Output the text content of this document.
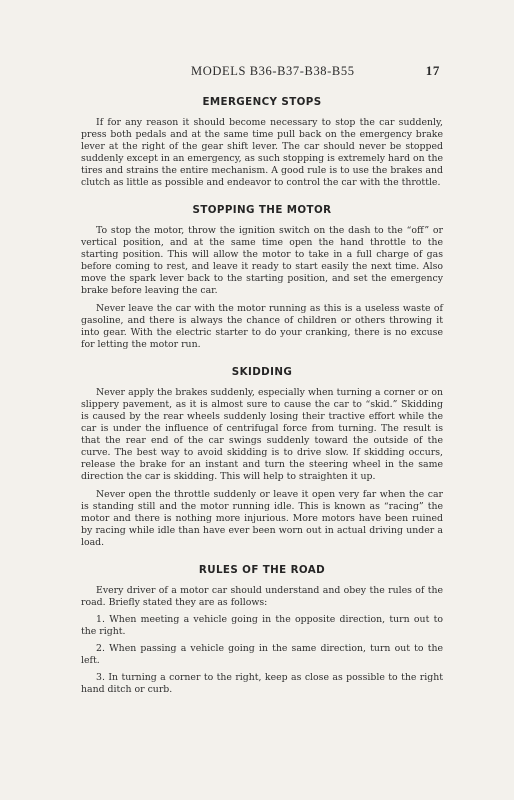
MODELS B36-B37-B38-B55	17
EMERGENCY STOPS

If for any reason it should become necessary to stop the car suddenly, press both pedals and at the same time pull back on the emergency brake lever at the right of the gear shift lever. The car should never be stopped suddenly except in an emergency, as such stopping is extremely hard on the tires and strains the entire mechanism. A good rule is to use the brakes and clutch as little as possible and endeavor to control the car with the throttle.

STOPPING THE MOTOR

To stop the motor, throw the ignition switch on the dash to the “off” or vertical position, and at the same time open the hand throttle to the starting position. This will allow the motor to take in a full charge of gas before coming to rest, and leave it ready to start easily the next time. Also move the spark lever back to the starting position, and set the emergency brake before leaving the car.

Never leave the car with the motor running as this is a useless waste of gasoline, and there is always the chance of children or others throwing it into gear. With the electric starter to do your cranking, there is no excuse for letting the motor run.

SKIDDING

Never apply the brakes suddenly, especially when turning a corner or on slippery pavement, as it is almost sure to cause the car to “skid.” Skidding is caused by the rear wheels suddenly losing their tractive effort while the car is under the influence of centrifugal force from turning. The result is that the rear end of the car swings suddenly toward the outside of the curve. The best way to avoid skidding is to drive slow. If skidding occurs, release the brake for an instant and turn the steering wheel in the same direction the car is skidding. This will help to straighten it up.

Never open the throttle suddenly or leave it open very far when the car is standing still and the motor running idle. This is known as “racing” the motor and there is nothing more injurious. More motors have been ruined by racing while idle than have ever been worn out in actual driving under a load.

RULES OF THE ROAD

Every driver of a motor car should understand and obey the rules of the road. Briefly stated they are as follows:

1. When meeting a vehicle going in the opposite direction, turn out to the right.

2. When passing a vehicle going in the same direction, turn out to the left.

3. In turning a corner to the right, keep as close as possible to the right hand ditch or curb.
